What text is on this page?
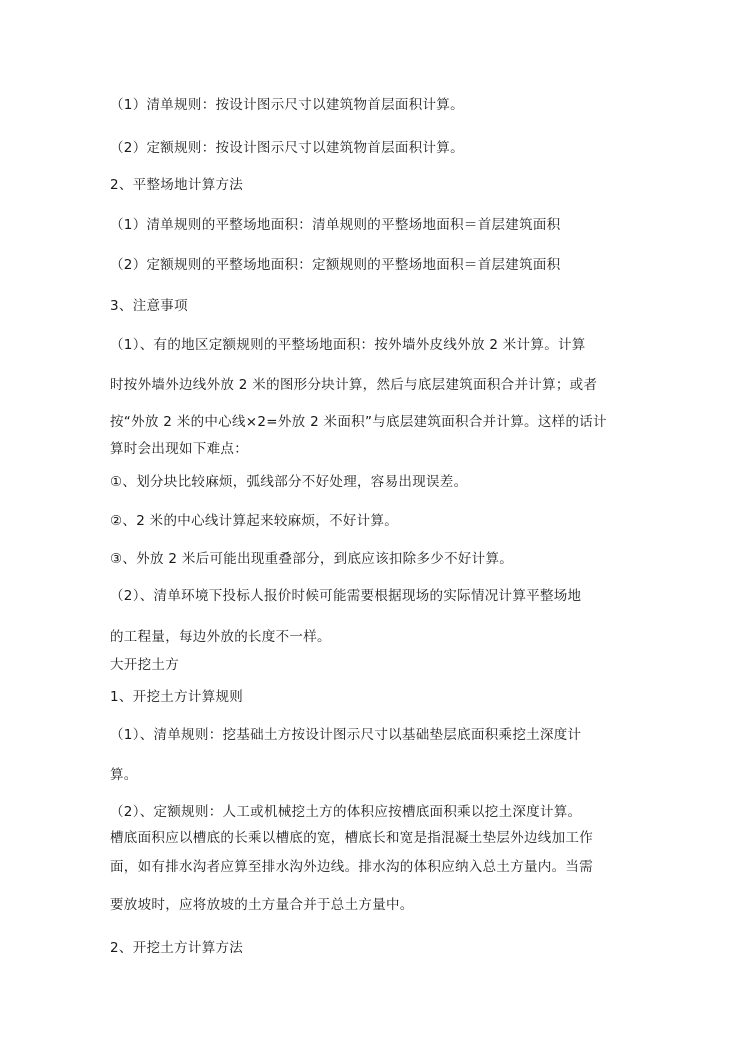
（1）清单规则：按设计图示尺寸以建筑物首层面积计算。
（2）定额规则：按设计图示尺寸以建筑物首层面积计算。
2、平整场地计算方法
（1）清单规则的平整场地面积：清单规则的平整场地面积＝首层建筑面积
（2）定额规则的平整场地面积：定额规则的平整场地面积＝首层建筑面积
3、注意事项
（1）、有的地区定额规则的平整场地面积：按外墙外皮线外放 2 米计算。计算
时按外墙外边线外放 2 米的图形分块计算，然后与底层建筑面积合并计算；或者
按“外放 2 米的中心线×2=外放 2 米面积”与底层建筑面积合并计算。这样的话计
算时会出现如下难点：
①、划分块比较麻烦，弧线部分不好处理，容易出现误差。
②、2 米的中心线计算起来较麻烦，不好计算。
③、外放 2 米后可能出现重叠部分，到底应该扣除多少不好计算。
（2）、清单环境下投标人报价时候可能需要根据现场的实际情况计算平整场地
的工程量，每边外放的长度不一样。
大开挖土方
1、开挖土方计算规则
（1）、清单规则：挖基础土方按设计图示尺寸以基础垫层底面积乘挖土深度计
算。
（2）、定额规则：人工或机械挖土方的体积应按槽底面积乘以挖土深度计算。
槽底面积应以槽底的长乘以槽底的宽，槽底长和宽是指混凝土垫层外边线加工作
面，如有排水沟者应算至排水沟外边线。排水沟的体积应纳入总土方量内。当需
要放坡时，应将放坡的土方量合并于总土方量中。
2、开挖土方计算方法
